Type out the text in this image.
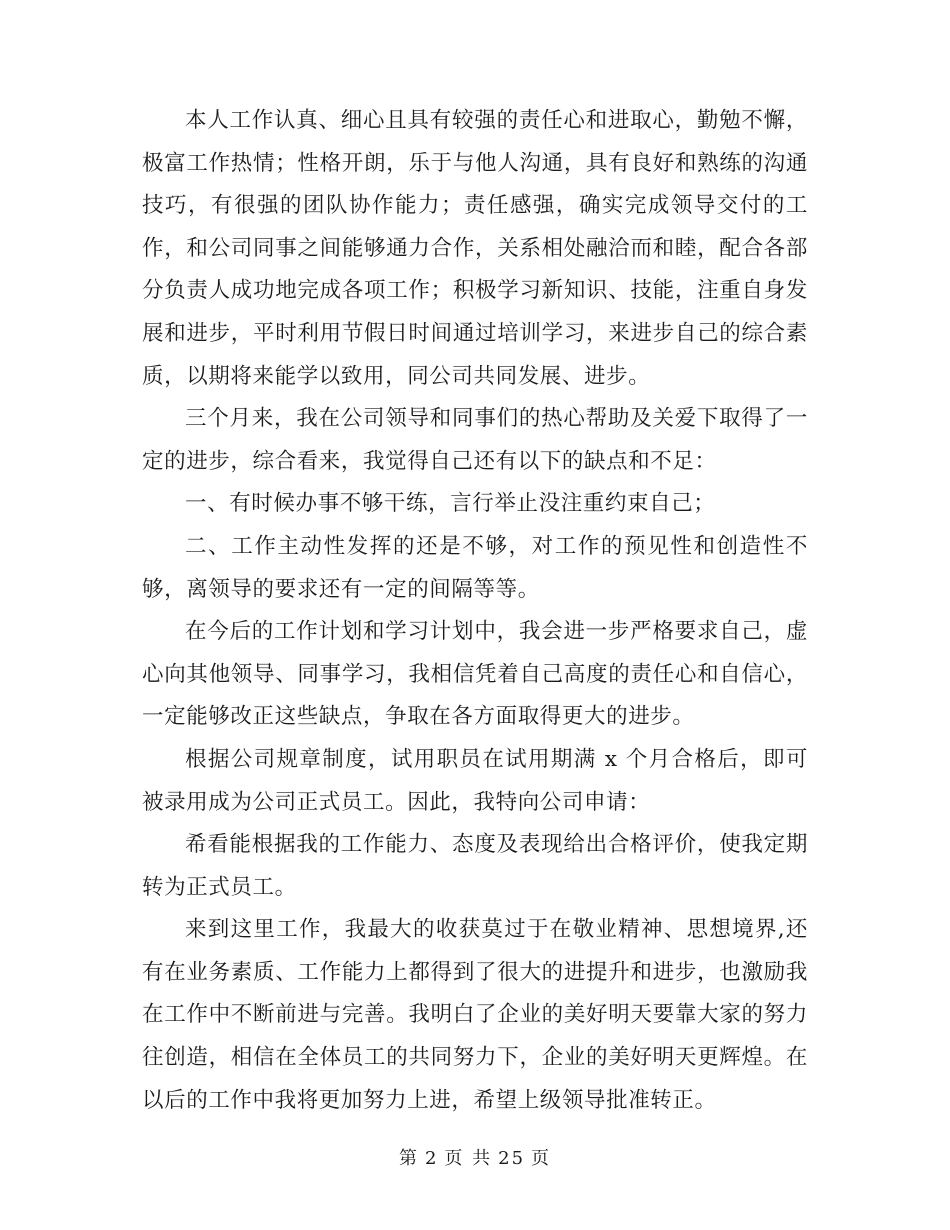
本人工作认真、细心且具有较强的责任心和进取心，勤勉不懈，极富工作热情；性格开朗，乐于与他人沟通，具有良好和熟练的沟通技巧，有很强的团队协作能力；责任感强，确实完成领导交付的工作，和公司同事之间能够通力合作，关系相处融洽而和睦，配合各部分负责人成功地完成各项工作；积极学习新知识、技能，注重自身发展和进步，平时利用节假日时间通过培训学习，来进步自己的综合素质，以期将来能学以致用，同公司共同发展、进步。

三个月来，我在公司领导和同事们的热心帮助及关爱下取得了一定的进步，综合看来，我觉得自己还有以下的缺点和不足：

一、有时候办事不够干练，言行举止没注重约束自己；

二、工作主动性发挥的还是不够，对工作的预见性和创造性不够，离领导的要求还有一定的间隔等等。

在今后的工作计划和学习计划中，我会进一步严格要求自己，虚心向其他领导、同事学习，我相信凭着自己高度的责任心和自信心，一定能够改正这些缺点，争取在各方面取得更大的进步。

根据公司规章制度，试用职员在试用期满 x 个月合格后，即可被录用成为公司正式员工。因此，我特向公司申请：

希看能根据我的工作能力、态度及表现给出合格评价，使我定期转为正式员工。

来到这里工作，我最大的收获莫过于在敬业精神、思想境界,还有在业务素质、工作能力上都得到了很大的进提升和进步，也激励我在工作中不断前进与完善。我明白了企业的美好明天要靠大家的努力往创造，相信在全体员工的共同努力下，企业的美好明天更辉煌。在以后的工作中我将更加努力上进，希望上级领导批准转正。

第 2 页 共 25 页
